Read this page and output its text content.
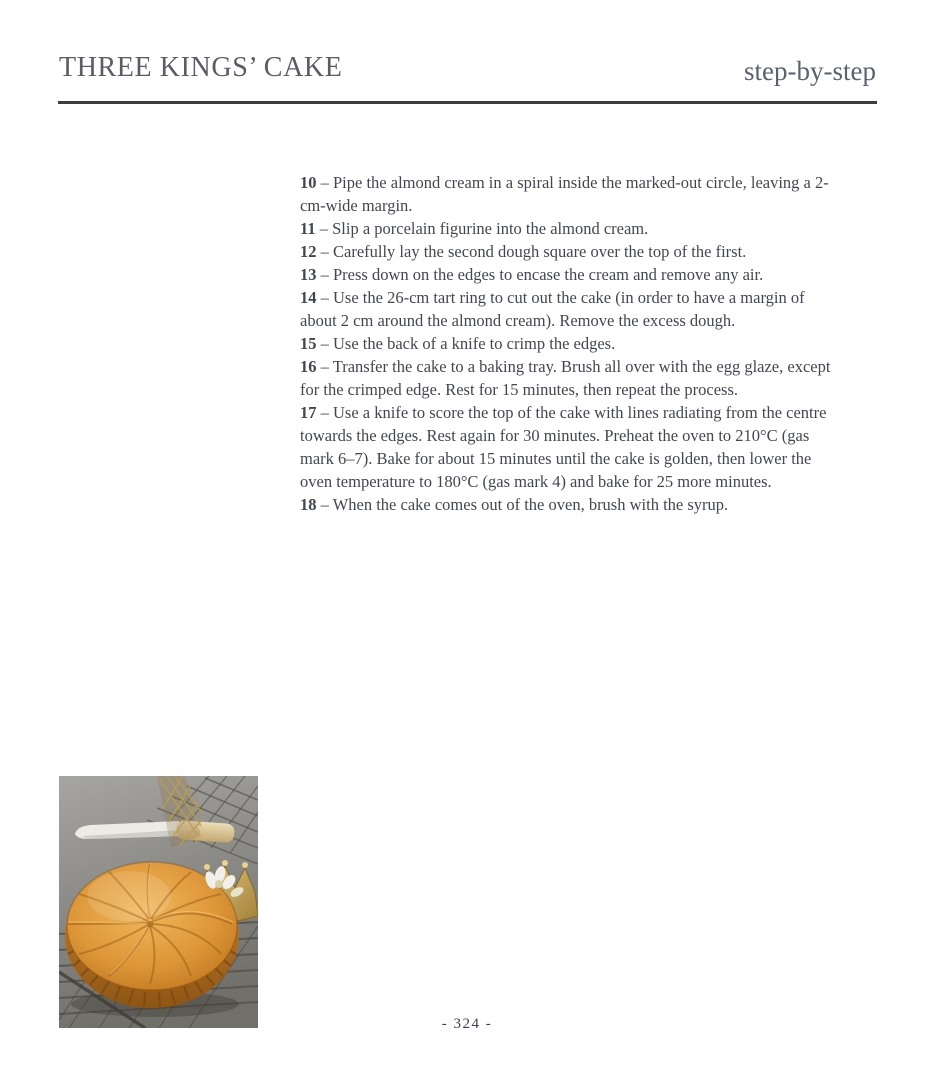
THREE KINGS’ CAKE	step-by-step

10 – Pipe the almond cream in a spiral inside the marked-out circle, leaving a 2-cm-wide margin.

11 – Slip a porcelain figurine into the almond cream.

12 – Carefully lay the second dough square over the top of the first.

13 – Press down on the edges to encase the cream and remove any air.

14 – Use the 26-cm tart ring to cut out the cake (in order to have a margin of about 2 cm around the almond cream). Remove the excess dough.

15 – Use the back of a knife to crimp the edges.

16 – Transfer the cake to a baking tray. Brush all over with the egg glaze, except for the crimped edge. Rest for 15 minutes, then repeat the process.

17 – Use a knife to score the top of the cake with lines radiating from the centre towards the edges. Rest again for 30 minutes. Preheat the oven to 210°C (gas mark 6–7). Bake for about 15 minutes until the cake is golden, then lower the oven temperature to 180°C (gas mark 4) and bake for 25 more minutes.

18 – When the cake comes out of the oven, brush with the syrup.

- 324 -
